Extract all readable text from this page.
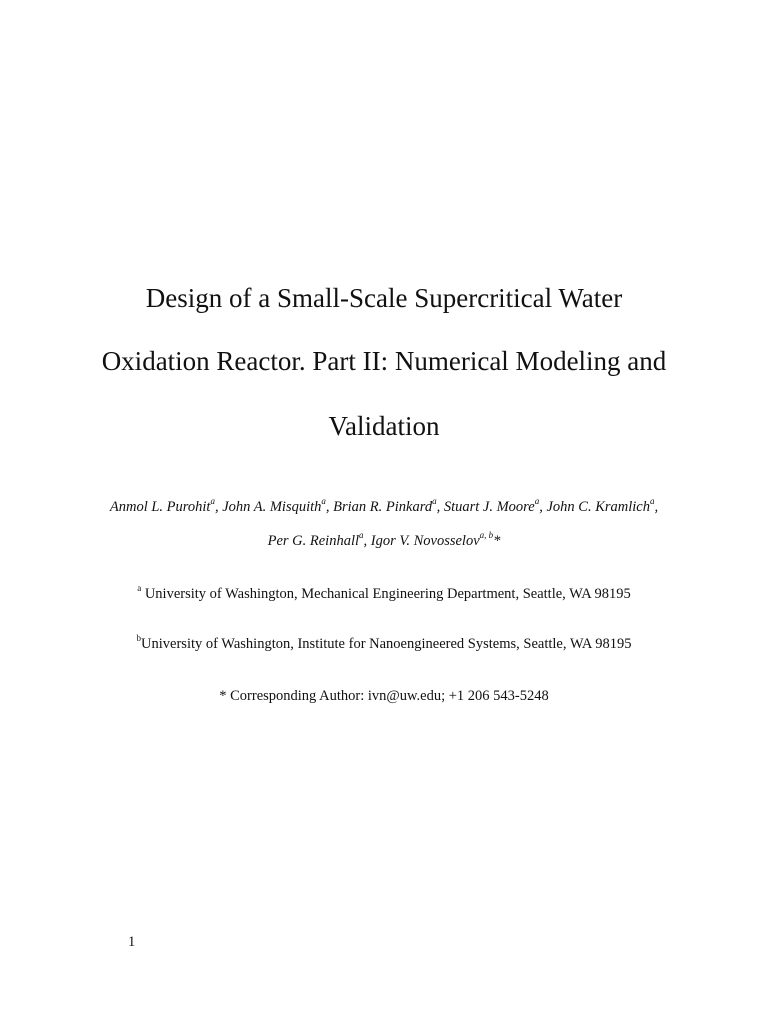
Design of a Small-Scale Supercritical Water
Oxidation Reactor. Part II: Numerical Modeling and
Validation
Anmol L. Purohit$^a$, John A. Misquith$^a$, Brian R. Pinkard$^a$, Stuart J. Moore$^a$, John C. Kramlich$^a$,
Per G. Reinhall$^a$, Igor V. Novosselov$^{a, b}$*
$^a$ University of Washington, Mechanical Engineering Department, Seattle, WA 98195
$^b$University of Washington, Institute for Nanoengineered Systems, Seattle, WA 98195
* Corresponding Author: ivn@uw.edu; +1 206 543-5248
1
